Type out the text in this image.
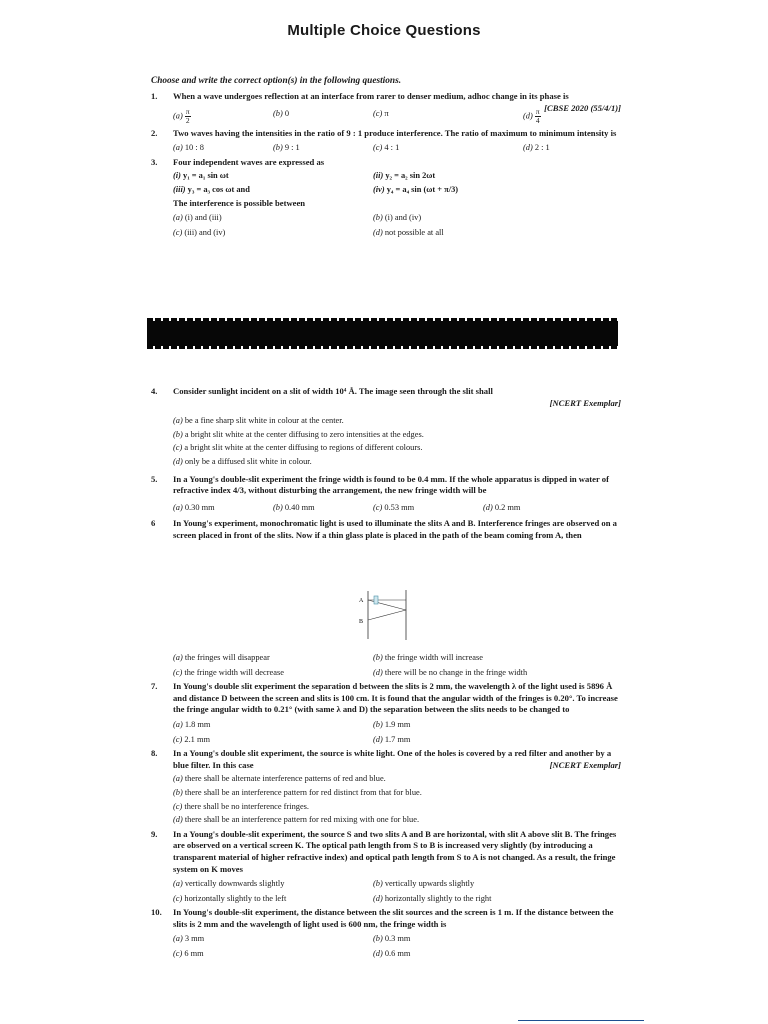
Multiple Choice Questions
Choose and write the correct option(s) in the following questions.
1. When a wave undergoes reflection at an interface from rarer to denser medium, adhoc change in its phase is
[CBSE 2020 (55/4/1)]
$(a) \frac{\pi}{2}$	(b) 0	(c) π	$(d) \frac{\pi}{4}$
2. Two waves having the intensities in the ratio of 9 : 1 produce interference. The ratio of maximum to minimum intensity is
(a) 10 : 8	(b) 9 : 1	(c) 4 : 1	(d) 2 : 1
3. Four independent waves are expressed as
(i) y₁ = a₁ sin ωt	(ii) y₂ = a₂ sin 2ωt
(iii) y₃ = a₃ cos ωt and	(iv) y₄ = a₄ sin (ωt + π/3)
The interference is possible between
(a) (i) and (iii)	(b) (i) and (iv)
(c) (iii) and (iv)	(d) not possible at all
4. Consider sunlight incident on a slit of width 10⁴ Å. The image seen through the slit shall

[NCERT Exemplar]
(a) be a fine sharp slit white in colour at the center.
(b) a bright slit white at the center diffusing to zero intensities at the edges.
(c) a bright slit white at the center diffusing to regions of different colours.
(d) only be a diffused slit white in colour.
5. In a Young's double-slit experiment the fringe width is found to be 0.4 mm. If the whole apparatus is dipped in water of refractive index 4/3, without disturbing the arrangement, the new fringe width will be
(a) 0.30 mm	(b) 0.40 mm	(c) 0.53 mm	(d) 0.2 mm
6 In Young's experiment, monochromatic light is used to illuminate the slits A and B. Interference fringes are observed on a screen placed in front of the slits. Now if a thin glass plate is placed in the path of the beam coming from A, then
A
B
(a) the fringes will disappear	(b) the fringe width will increase
(c) the fringe width will decrease	(d) there will be no change in the fringe width
7. In Young's double slit experiment the separation d between the slits is 2 mm, the wavelength λ of the light used is 5896 Å and distance D between the screen and slits is 100 cm. It is found that the angular width of the fringes is 0.20°. To increase the fringe angular width to 0.21° (with same λ and D) the separation between the slits needs to be changed to
(a) 1.8 mm	(b) 1.9 mm
(c) 2.1 mm	(d) 1.7 mm
8. In a Young's double slit experiment, the source is white light. One of the holes is covered by a red filter and another by a blue filter. In this case	[NCERT Exemplar]
(a) there shall be alternate interference patterns of red and blue.
(b) there shall be an interference pattern for red distinct from that for blue.
(c) there shall be no interference fringes.
(d) there shall be an interference pattern for red mixing with one for blue.
9. In a Young's double-slit experiment, the source S and two slits A and B are horizontal, with slit A above slit B. The fringes are observed on a vertical screen K. The optical path length from S to B is increased very slightly (by introducing a transparent material of higher refractive index) and optical path length from S to A is not changed. As a result, the fringe system on K moves
(a) vertically downwards slightly	(b) vertically upwards slightly
(c) horizontally slightly to the left	(d) horizontally slightly to the right
10. In Young's double-slit experiment, the distance between the slit sources and the screen is 1 m. If the distance between the slits is 2 mm and the wavelength of light used is 600 nm, the fringe width is
(a) 3 mm	(b) 0.3 mm
(c) 6 mm	(d) 0.6 mm
